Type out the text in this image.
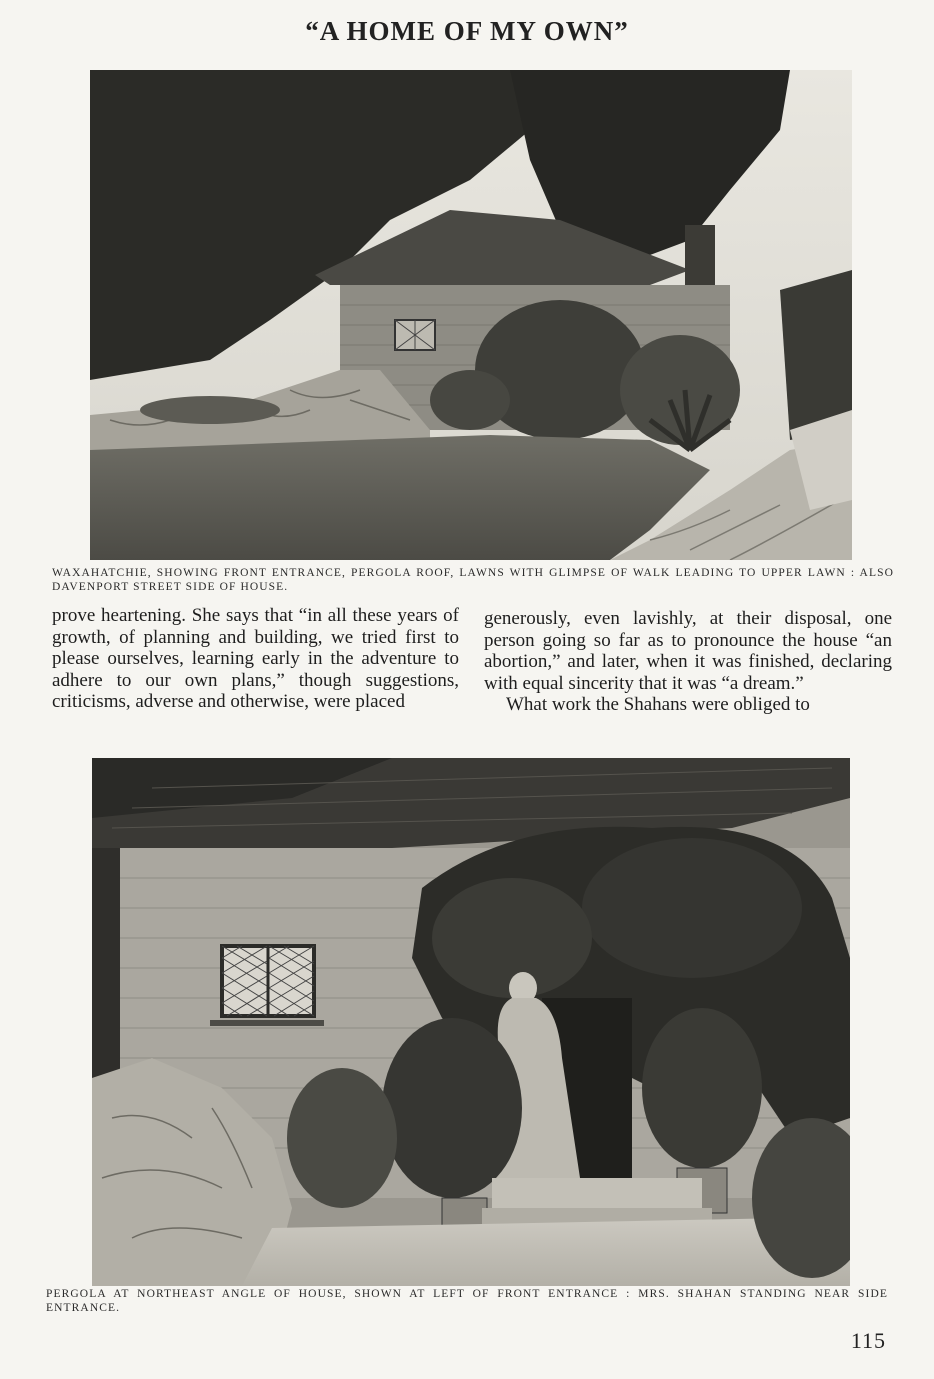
“A HOME OF MY OWN”
WAXAHATCHIE, SHOWING FRONT ENTRANCE, PERGOLA ROOF, LAWNS WITH GLIMPSE OF WALK LEADING TO UPPER LAWN : ALSO DAVENPORT STREET SIDE OF HOUSE.

prove heartening. She says that “in all these years of growth, of planning and building, we tried first to please ourselves, learning early in the adventure to adhere to our own plans,” though suggestions, criticisms, adverse and otherwise, were placed

generously, even lavishly, at their disposal, one person going so far as to pronounce the house “an abortion,” and later, when it was finished, declaring with equal sincerity that it was “a dream.”

What work the Shahans were obliged to

PERGOLA AT NORTHEAST ANGLE OF HOUSE, SHOWN AT LEFT OF FRONT ENTRANCE : MRS. SHAHAN STANDING NEAR SIDE ENTRANCE.
115
